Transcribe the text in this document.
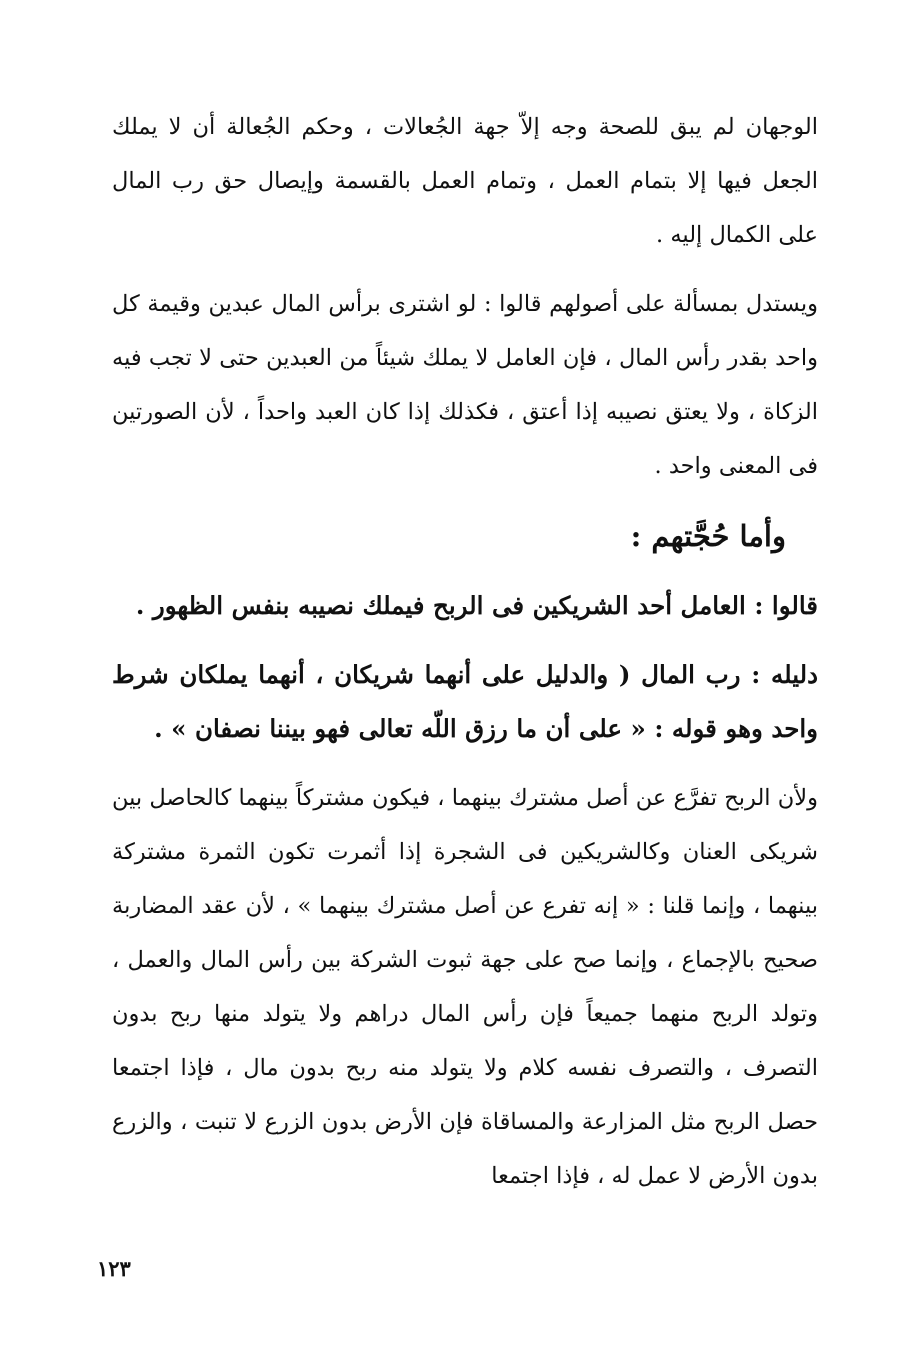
الوجهان لم يبق للصحة وجه إلاّ جهة الجُعالات ، وحكم الجُعالة أن لا يملك الجعل فيها إلا بتمام العمل ، وتمام العمل بالقسمة وإيصال حق رب المال على الكمال إليه .

ويستدل بمسألة على أصولهم قالوا : لو اشترى برأس المال عبدين وقيمة كل واحد بقدر رأس المال ، فإن العامل لا يملك شيئاً من العبدين حتى لا تجب فيه الزكاة ، ولا يعتق نصيبه إذا أعتق ، فكذلك إذا كان العبد واحداً ، لأن الصورتين فى المعنى واحد .

وأما حُجَّتهم :

قالوا : العامل أحد الشريكين فى الربح فيملك نصيبه بنفس الظهور .

دليله : رب المال ( والدليل على أنهما شريكان ، أنهما يملكان شرط واحد وهو قوله : « على أن ما رزق اللّه تعالى فهو بيننا نصفان » .

ولأن الربح تفرَّع عن أصل مشترك بينهما ، فيكون مشتركاً بينهما كالحاصل بين شريكى العنان وكالشريكين فى الشجرة إذا أثمرت تكون الثمرة مشتركة بينهما ، وإنما قلنا : « إنه تفرع عن أصل مشترك بينهما » ، لأن عقد المضاربة صحيح بالإجماع ، وإنما صح على جهة ثبوت الشركة بين رأس المال والعمل ، وتولد الربح منهما جميعاً فإن رأس المال دراهم ولا يتولد منها ربح بدون التصرف ، والتصرف نفسه كلام ولا يتولد منه ربح بدون مال ، فإذا اجتمعا حصل الربح مثل المزارعة والمساقاة فإن الأرض بدون الزرع لا تنبت ، والزرع بدون الأرض لا عمل له ، فإذا اجتمعا

١٢٣
